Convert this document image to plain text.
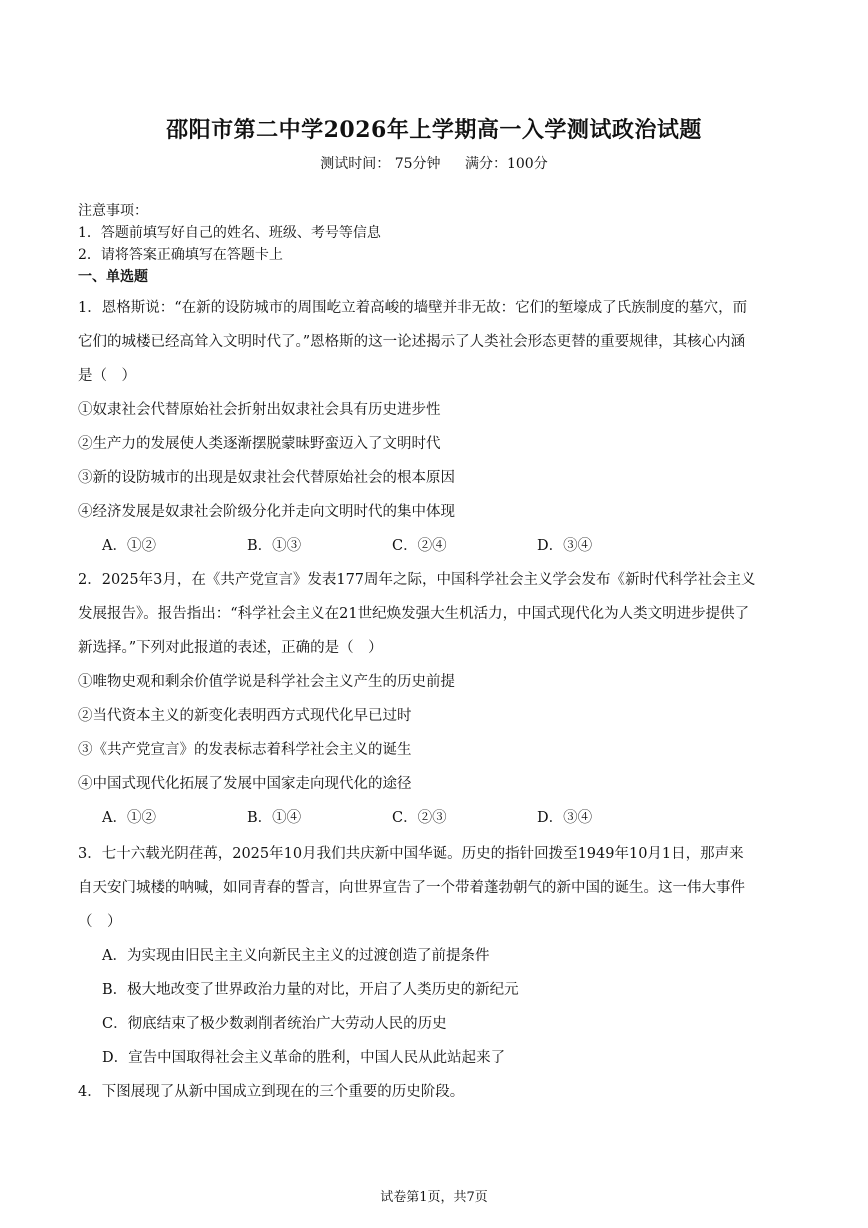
邵阳市第二中学2026年上学期高一入学测试政治试题
测试时间： 75分钟 满分：100分
注意事项：
1．答题前填写好自己的姓名、班级、考号等信息
2．请将答案正确填写在答题卡上
一、单选题
1．恩格斯说：“在新的设防城市的周围屹立着高峻的墙壁并非无故：它们的堑壕成了氏族制度的墓穴，而
它们的城楼已经高耸入文明时代了。”恩格斯的这一论述揭示了人类社会形态更替的重要规律，其核心内涵
是（　）
①奴隶社会代替原始社会折射出奴隶社会具有历史进步性
②生产力的发展使人类逐渐摆脱蒙昧野蛮迈入了文明时代
③新的设防城市的出现是奴隶社会代替原始社会的根本原因
④经济发展是奴隶社会阶级分化并走向文明时代的集中体现
A．①②	B．①③	C．②④	D．③④
2．2025年3月，在《共产党宣言》发表177周年之际，中国科学社会主义学会发布《新时代科学社会主义
发展报告》。报告指出：“科学社会主义在21世纪焕发强大生机活力，中国式现代化为人类文明进步提供了
新选择。”下列对此报道的表述，正确的是（　）
①唯物史观和剩余价值学说是科学社会主义产生的历史前提
②当代资本主义的新变化表明西方式现代化早已过时
③《共产党宣言》的发表标志着科学社会主义的诞生
④中国式现代化拓展了发展中国家走向现代化的途径
A．①②	B．①④	C．②③	D．③④
3．七十六载光阴荏苒，2025年10月我们共庆新中国华诞。历史的指针回拨至1949年10月1日，那声来
自天安门城楼的呐喊，如同青春的誓言，向世界宣告了一个带着蓬勃朝气的新中国的诞生。这一伟大事件
（　）
A．为实现由旧民主主义向新民主主义的过渡创造了前提条件
B．极大地改变了世界政治力量的对比，开启了人类历史的新纪元
C．彻底结束了极少数剥削者统治广大劳动人民的历史
D．宣告中国取得社会主义革命的胜利，中国人民从此站起来了
4．下图展现了从新中国成立到现在的三个重要的历史阶段。
试卷第1页，共7页
